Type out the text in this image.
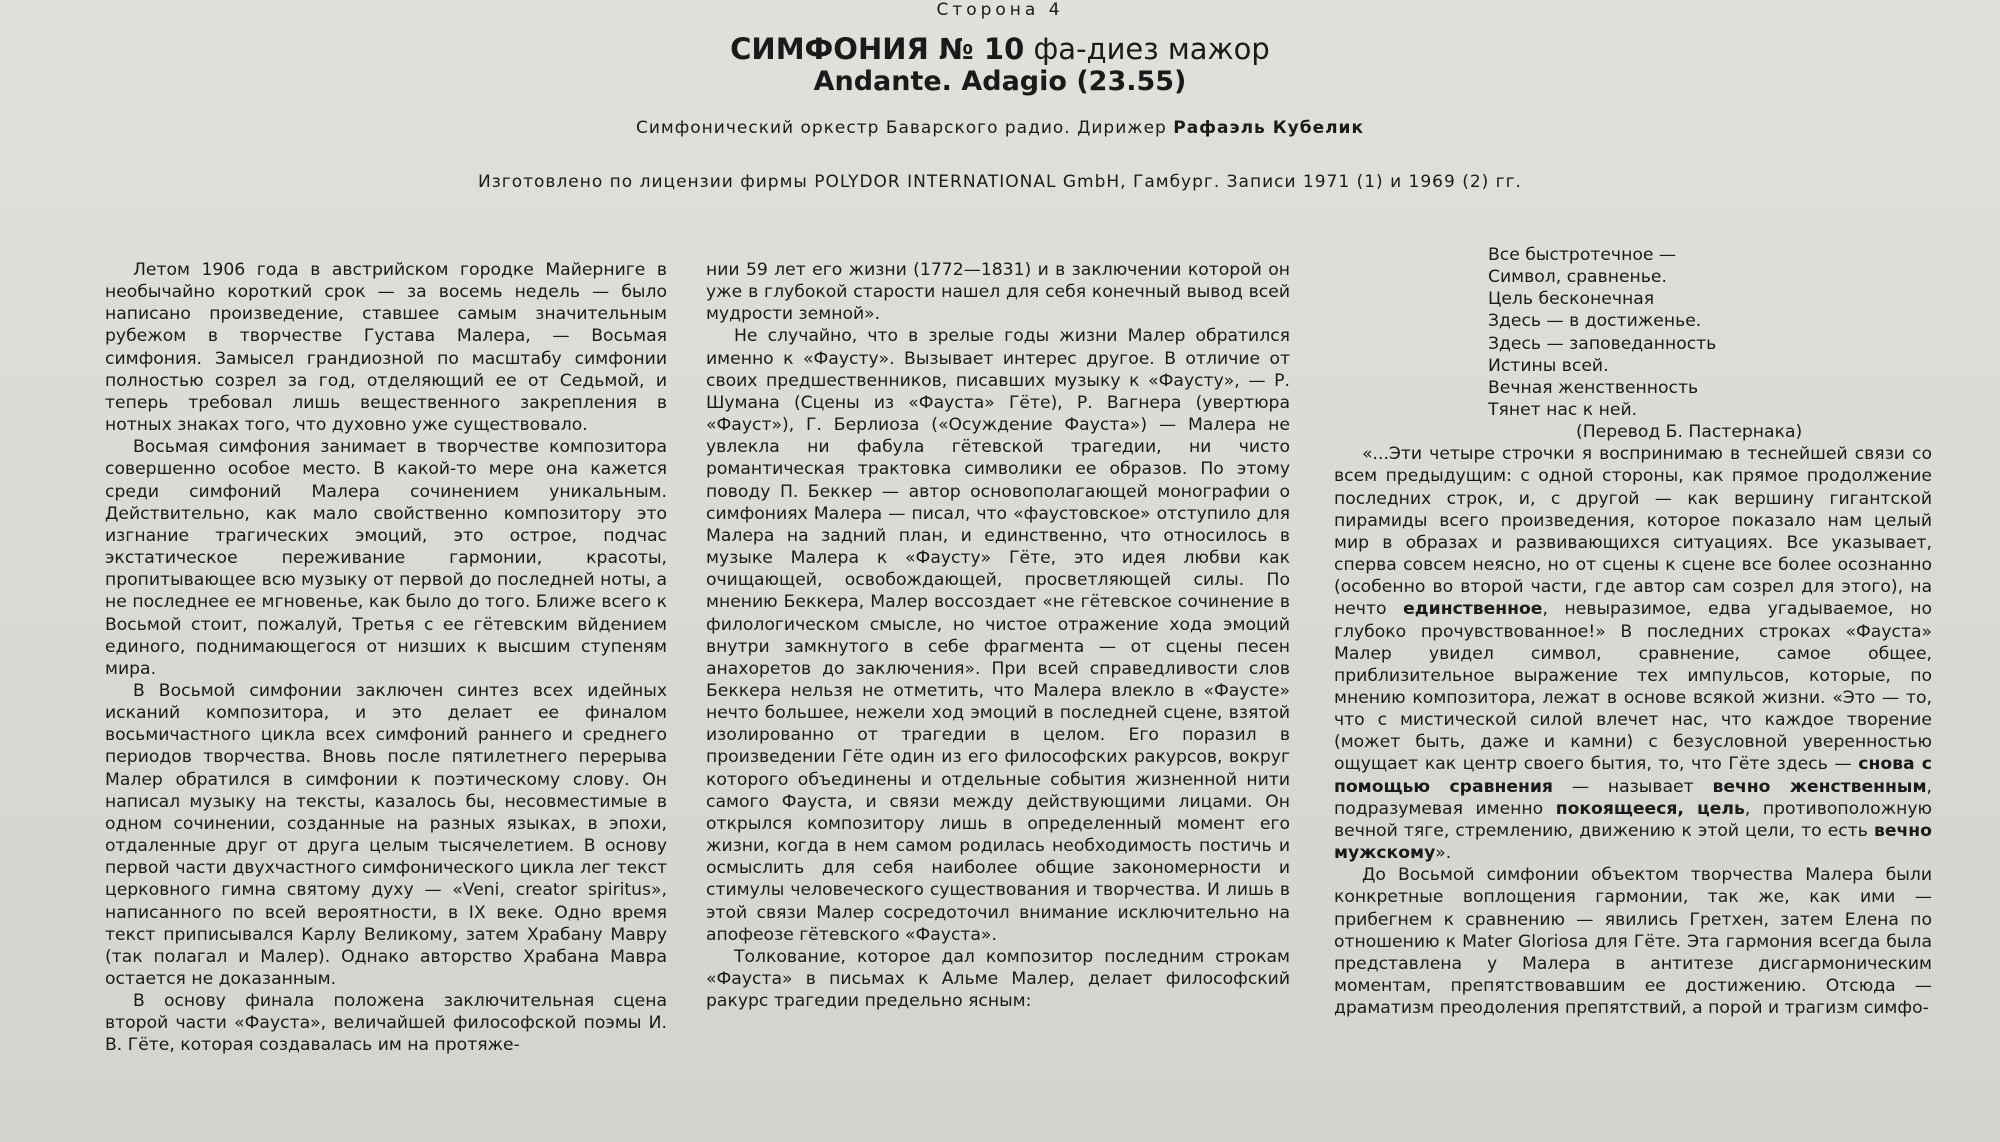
Сторона 4
СИМФОНИЯ № 10 фа-диез мажор
Andante. Adagio (23.55)
Симфонический оркестр Баварского радио. Дирижер Рафаэль Кубелик
Изготовлено по лицензии фирмы POLYDOR INTERNATIONAL GmbH, Гамбург. Записи 1971 (1) и 1969 (2) гг.

Летом 1906 года в австрийском городке Майерниге в необычайно короткий срок — за восемь недель — было написано произведение, ставшее самым значительным рубежом в творчестве Густава Малера, — Восьмая симфония. Замысел грандиозной по масштабу симфонии полностью созрел за год, отделяющий ее от Седьмой, и теперь требовал лишь вещественного закрепления в нотных знаках того, что духовно уже существовало.

Восьмая симфония занимает в творчестве композитора совершенно особое место. В какой-то мере она кажется среди симфоний Малера сочинением уникальным. Действительно, как мало свойственно композитору это изгнание трагических эмоций, это острое, подчас экстатическое переживание гармонии, красоты, пропитывающее всю музыку от первой до последней ноты, а не последнее ее мгновенье, как было до того. Ближе всего к Восьмой стоит, пожалуй, Третья с ее гётевским вйдением единого, поднимающегося от низших к высшим ступеням мира.

В Восьмой симфонии заключен синтез всех идейных исканий композитора, и это делает ее финалом восьмичастного цикла всех симфоний раннего и среднего периодов творчества. Вновь после пятилетнего перерыва Малер обратился в симфонии к поэтическому слову. Он написал музыку на тексты, казалось бы, несовместимые в одном сочинении, созданные на разных языках, в эпохи, отдаленные друг от друга целым тысячелетием. В основу первой части двухчастного симфонического цикла лег текст церковного гимна святому духу — «Veni, creator spiritus», написанного по всей вероятности, в IX веке. Одно время текст приписывался Карлу Великому, затем Храбану Мавру (так полагал и Малер). Однако авторство Храбана Мавра остается не доказанным.

В основу финала положена заключительная сцена второй части «Фауста», величайшей философской поэмы И. В. Гёте, которая создавалась им на протяже-

нии 59 лет его жизни (1772—1831) и в заключении которой он уже в глубокой старости нашел для себя конечный вывод всей мудрости земной».

Не случайно, что в зрелые годы жизни Малер обратился именно к «Фаусту». Вызывает интерес другое. В отличие от своих предшественников, писавших музыку к «Фаусту», — Р. Шумана (Сцены из «Фауста» Гёте), Р. Вагнера (увертюра «Фауст»), Г. Берлиоза («Осуждение Фауста») — Малера не увлекла ни фабула гётевской трагедии, ни чисто романтическая трактовка символики ее образов. По этому поводу П. Беккер — автор основополагающей монографии о симфониях Малера — писал, что «фаустовское» отступило для Малера на задний план, и единственно, что относилось в музыке Малера к «Фаусту» Гёте, это идея любви как очищающей, освобождающей, просветляющей силы. По мнению Беккера, Малер воссоздает «не гётевское сочинение в филологическом смысле, но чистое отражение хода эмоций внутри замкнутого в себе фрагмента — от сцены песен анахоретов до заключения». При всей справедливости слов Беккера нельзя не отметить, что Малера влекло в «Фаусте» нечто большее, нежели ход эмоций в последней сцене, взятой изолированно от трагедии в целом. Его поразил в произведении Гёте один из его философских ракурсов, вокруг которого объединены и отдельные события жизненной нити самого Фауста, и связи между действующими лицами. Он открылся композитору лишь в определенный момент его жизни, когда в нем самом родилась необходимость постичь и осмыслить для себя наиболее общие закономерности и стимулы человеческого существования и творчества. И лишь в этой связи Малер сосредоточил внимание исключительно на апофеозе гётевского «Фауста».

Толкование, которое дал композитор последним строкам «Фауста» в письмах к Альме Малер, делает философский ракурс трагедии предельно ясным:

Все быстротечное —
Символ, сравненье.
Цель бесконечная
Здесь — в достиженье.
Здесь — заповеданность
Истины всей.
Вечная женственность
Тянет нас к ней.
(Перевод Б. Пастернака)

«...Эти четыре строчки я воспринимаю в теснейшей связи со всем предыдущим: с одной стороны, как прямое продолжение последних строк, и, с другой — как вершину гигантской пирамиды всего произведения, которое показало нам целый мир в образах и развивающихся ситуациях. Все указывает, сперва совсем неясно, но от сцены к сцене все более осознанно (особенно во второй части, где автор сам созрел для этого), на нечто единственное, невыразимое, едва угадываемое, но глубоко прочувствованное!» В последних строках «Фауста» Малер увидел символ, сравнение, самое общее, приблизительное выражение тех импульсов, которые, по мнению композитора, лежат в основе всякой жизни. «Это — то, что с мистической силой влечет нас, что каждое творение (может быть, даже и камни) с безусловной уверенностью ощущает как центр своего бытия, то, что Гёте здесь — снова с помощью сравнения — называет вечно женственным, подразумевая именно покоящееся, цель, противоположную вечной тяге, стремлению, движению к этой цели, то есть вечно мужскому».

До Восьмой симфонии объектом творчества Малера были конкретные воплощения гармонии, так же, как ими — прибегнем к сравнению — явились Гретхен, затем Елена по отношению к Mater Gloriosa для Гёте. Эта гармония всегда была представлена у Малера в антитезе дисгармоническим моментам, препятствовавшим ее достижению. Отсюда — драматизм преодоления препятствий, а порой и трагизм симфо-
